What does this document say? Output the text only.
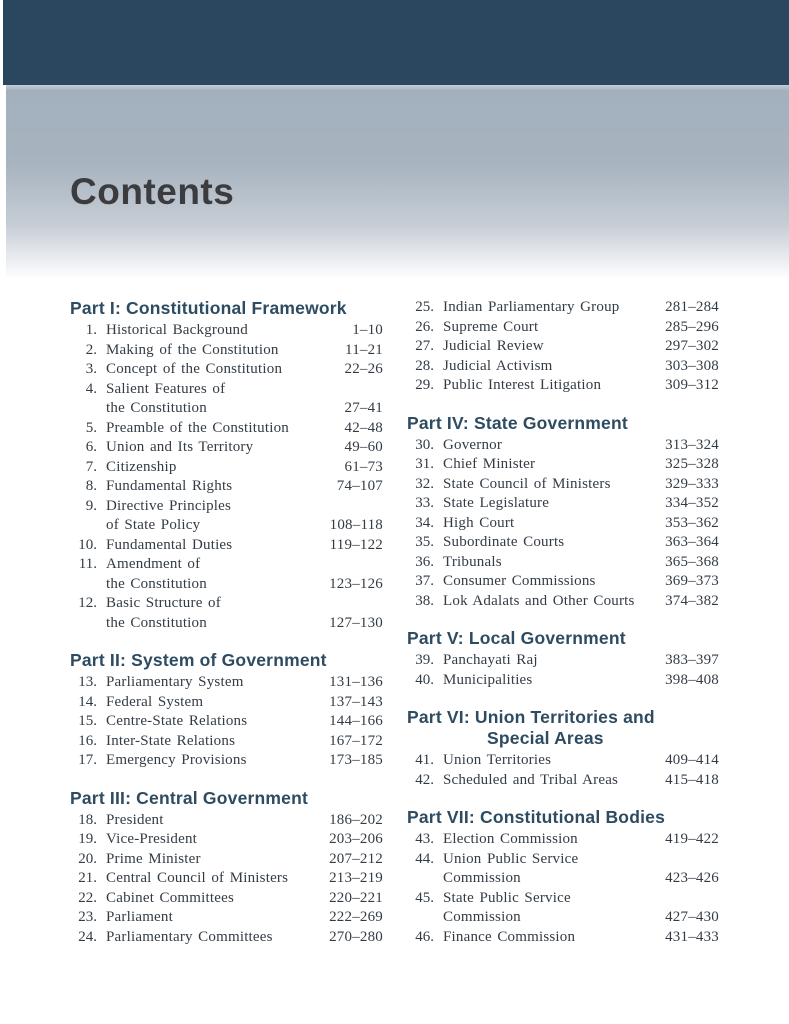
Contents
Part I: Constitutional Framework
1. Historical Background	1–10
2. Making of the Constitution	11–21
3. Concept of the Constitution	22–26
4. Salient Features of
the Constitution	27–41
5. Preamble of the Constitution	42–48
6. Union and Its Territory	49–60
7. Citizenship	61–73
8. Fundamental Rights	74–107
9. Directive Principles
of State Policy	108–118
10. Fundamental Duties	119–122
11. Amendment of
the Constitution	123–126
12. Basic Structure of
the Constitution	127–130
Part II: System of Government
13. Parliamentary System	131–136
14. Federal System	137–143
15. Centre-State Relations	144–166
16. Inter-State Relations	167–172
17. Emergency Provisions	173–185
Part III: Central Government
18. President	186–202
19. Vice-President	203–206
20. Prime Minister	207–212
21. Central Council of Ministers	213–219
22. Cabinet Committees	220–221
23. Parliament	222–269
24. Parliamentary Committees	270–280
25. Indian Parliamentary Group	281–284
26. Supreme Court	285–296
27. Judicial Review	297–302
28. Judicial Activism	303–308
29. Public Interest Litigation	309–312
Part IV: State Government
30. Governor	313–324
31. Chief Minister	325–328
32. State Council of Ministers	329–333
33. State Legislature	334–352
34. High Court	353–362
35. Subordinate Courts	363–364
36. Tribunals	365–368
37. Consumer Commissions	369–373
38. Lok Adalats and Other Courts	374–382
Part V: Local Government
39. Panchayati Raj	383–397
40. Municipalities	398–408
Part VI: Union Territories and
Special Areas
41. Union Territories	409–414
42. Scheduled and Tribal Areas	415–418
Part VII: Constitutional Bodies
43. Election Commission	419–422
44. Union Public Service
Commission	423–426
45. State Public Service
Commission	427–430
46. Finance Commission	431–433
